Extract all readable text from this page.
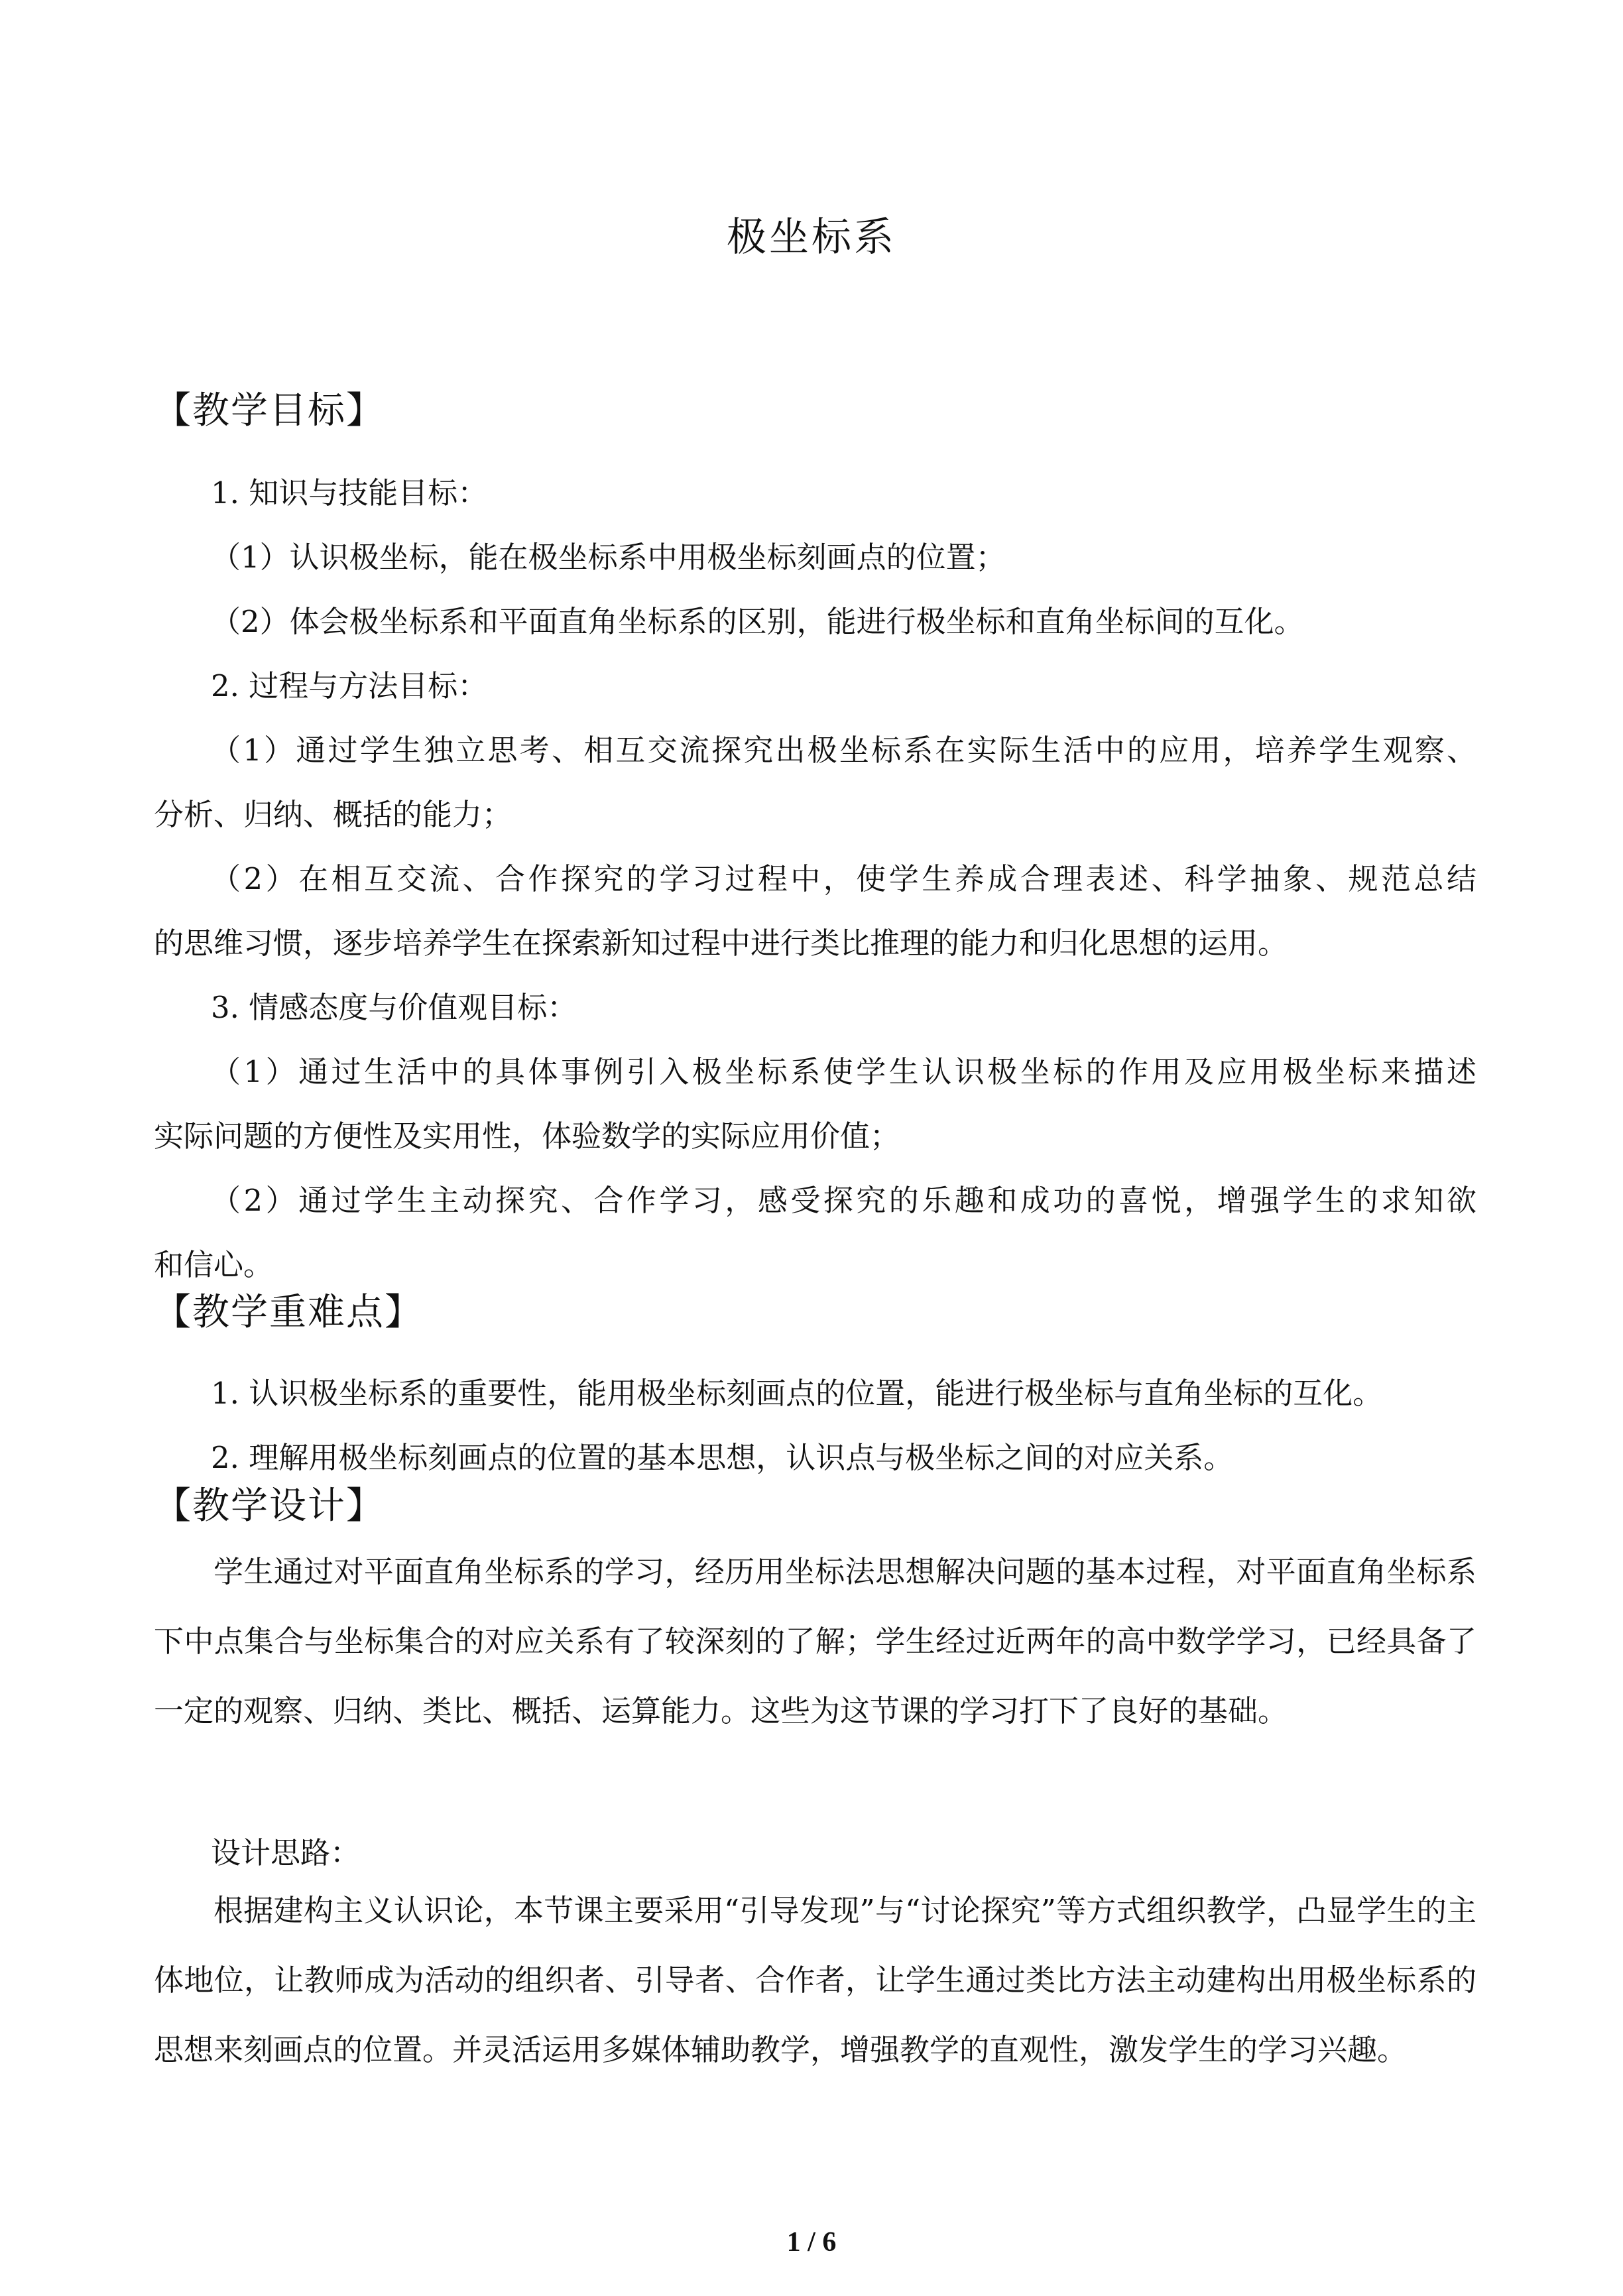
极坐标系
【教学目标】
1. 知识与技能目标：
（1）认识极坐标，能在极坐标系中用极坐标刻画点的位置；
（2）体会极坐标系和平面直角坐标系的区别，能进行极坐标和直角坐标间的互化。
2. 过程与方法目标：
（1）通过学生独立思考、相互交流探究出极坐标系在实际生活中的应用，培养学生观察、
分析、归纳、概括的能力；
（2）在相互交流、合作探究的学习过程中，使学生养成合理表述、科学抽象、规范总结
的思维习惯，逐步培养学生在探索新知过程中进行类比推理的能力和归化思想的运用。
3. 情感态度与价值观目标：
（1）通过生活中的具体事例引入极坐标系使学生认识极坐标的作用及应用极坐标来描述
实际问题的方便性及实用性，体验数学的实际应用价值；
（2）通过学生主动探究、合作学习，感受探究的乐趣和成功的喜悦，增强学生的求知欲
和信心。
【教学重难点】
1. 认识极坐标系的重要性，能用极坐标刻画点的位置，能进行极坐标与直角坐标的互化。
2. 理解用极坐标刻画点的位置的基本思想，认识点与极坐标之间的对应关系。
【教学设计】
学生通过对平面直角坐标系的学习，经历用坐标法思想解决问题的基本过程，对平面直角坐标系下中点集合与坐标集合的对应关系有了较深刻的了解；学生经过近两年的高中数学学习，已经具备了一定的观察、归纳、类比、概括、运算能力。这些为这节课的学习打下了良好的基础。
设计思路：
根据建构主义认识论，本节课主要采用“引导发现”与“讨论探究”等方式组织教学，凸显学生的主体地位，让教师成为活动的组织者、引导者、合作者，让学生通过类比方法主动建构出用极坐标系的思想来刻画点的位置。并灵活运用多媒体辅助教学，增强教学的直观性，激发学生的学习兴趣。
1 / 6
